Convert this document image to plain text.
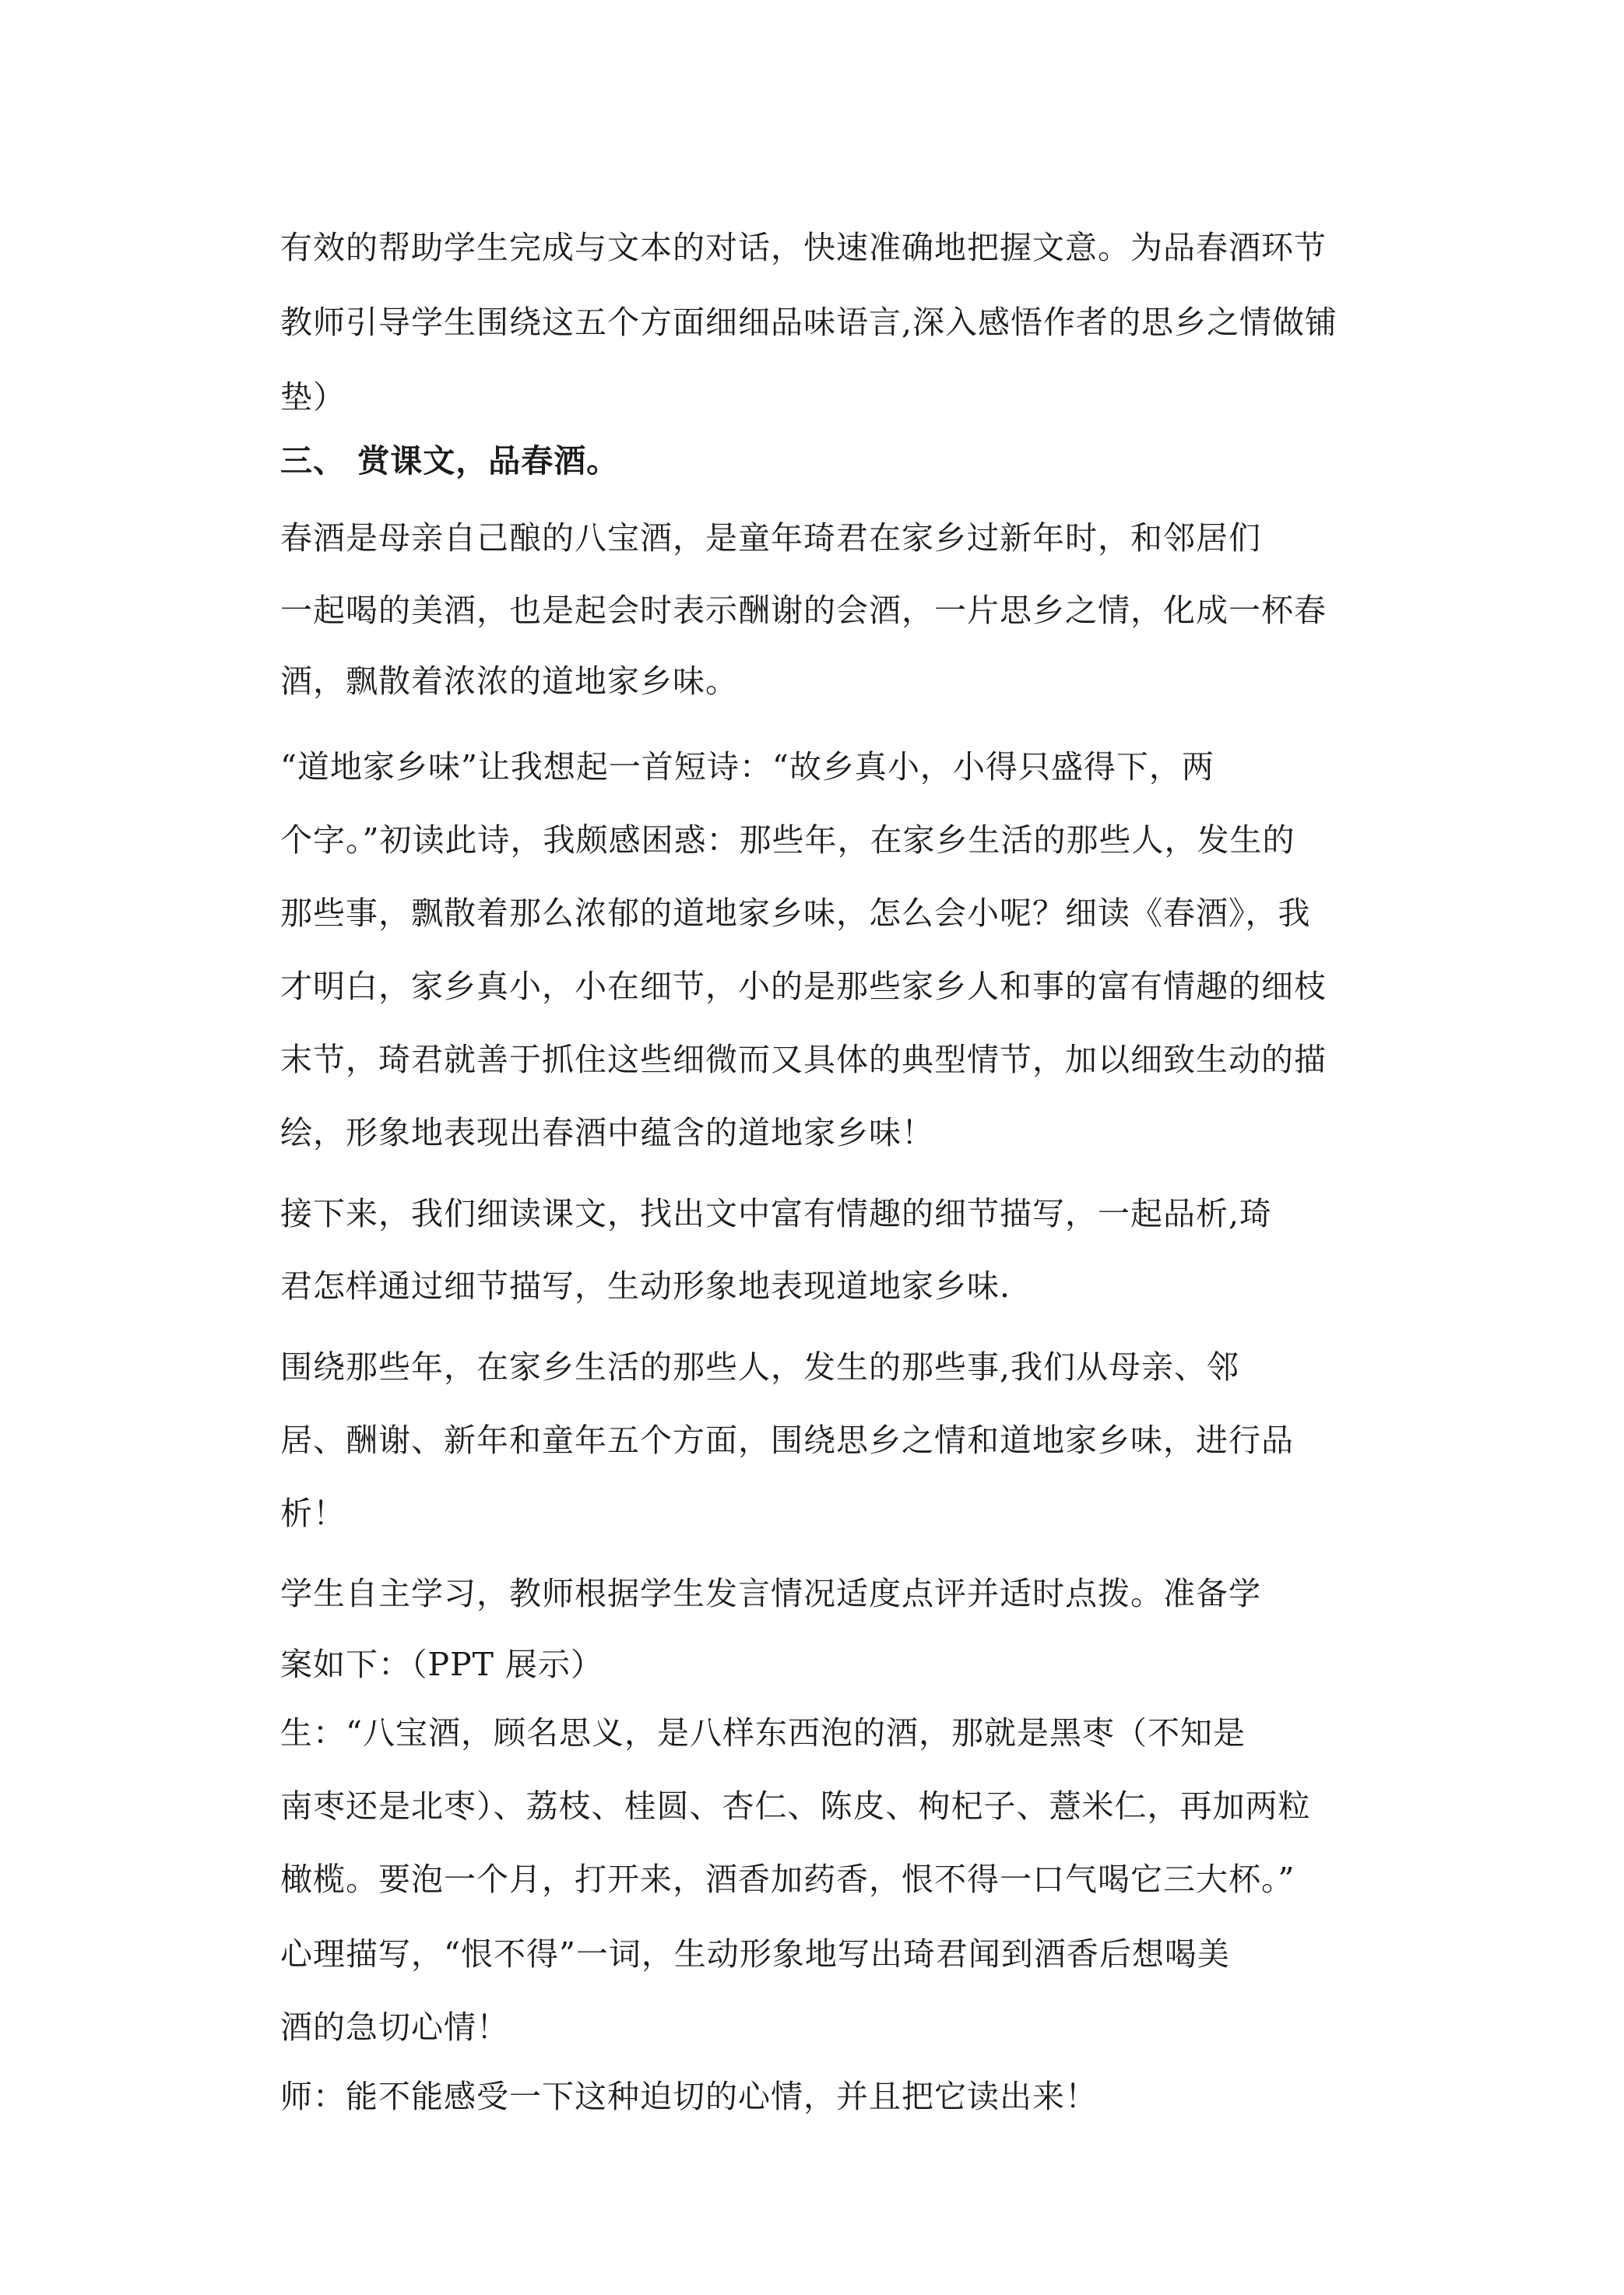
有效的帮助学生完成与文本的对话，快速准确地把握文意。为品春酒环节
教师引导学生围绕这五个方面细细品味语言,深入感悟作者的思乡之情做铺
垫）
三、 赏课文，品春酒。
春酒是母亲自己酿的八宝酒，是童年琦君在家乡过新年时，和邻居们
一起喝的美酒，也是起会时表示酬谢的会酒，一片思乡之情，化成一杯春
酒，飘散着浓浓的道地家乡味。
“道地家乡味”让我想起一首短诗：“故乡真小，小得只盛得下，两
个字。”初读此诗，我颇感困惑：那些年，在家乡生活的那些人，发生的
那些事，飘散着那么浓郁的道地家乡味，怎么会小呢？细读《春酒》，我
才明白，家乡真小，小在细节，小的是那些家乡人和事的富有情趣的细枝
末节，琦君就善于抓住这些细微而又具体的典型情节，加以细致生动的描
绘，形象地表现出春酒中蕴含的道地家乡味！
接下来，我们细读课文，找出文中富有情趣的细节描写，一起品析,琦
君怎样通过细节描写，生动形象地表现道地家乡味.
围绕那些年，在家乡生活的那些人，发生的那些事,我们从母亲、邻
居、酬谢、新年和童年五个方面，围绕思乡之情和道地家乡味，进行品
析！
学生自主学习，教师根据学生发言情况适度点评并适时点拨。准备学
案如下：（PPT 展示）
生：“八宝酒，顾名思义，是八样东西泡的酒，那就是黑枣（不知是
南枣还是北枣）、荔枝、桂圆、杏仁、陈皮、枸杞子、薏米仁，再加两粒
橄榄。要泡一个月，打开来，酒香加药香，恨不得一口气喝它三大杯。”
心理描写，“恨不得”一词，生动形象地写出琦君闻到酒香后想喝美
酒的急切心情！
师：能不能感受一下这种迫切的心情，并且把它读出来！
